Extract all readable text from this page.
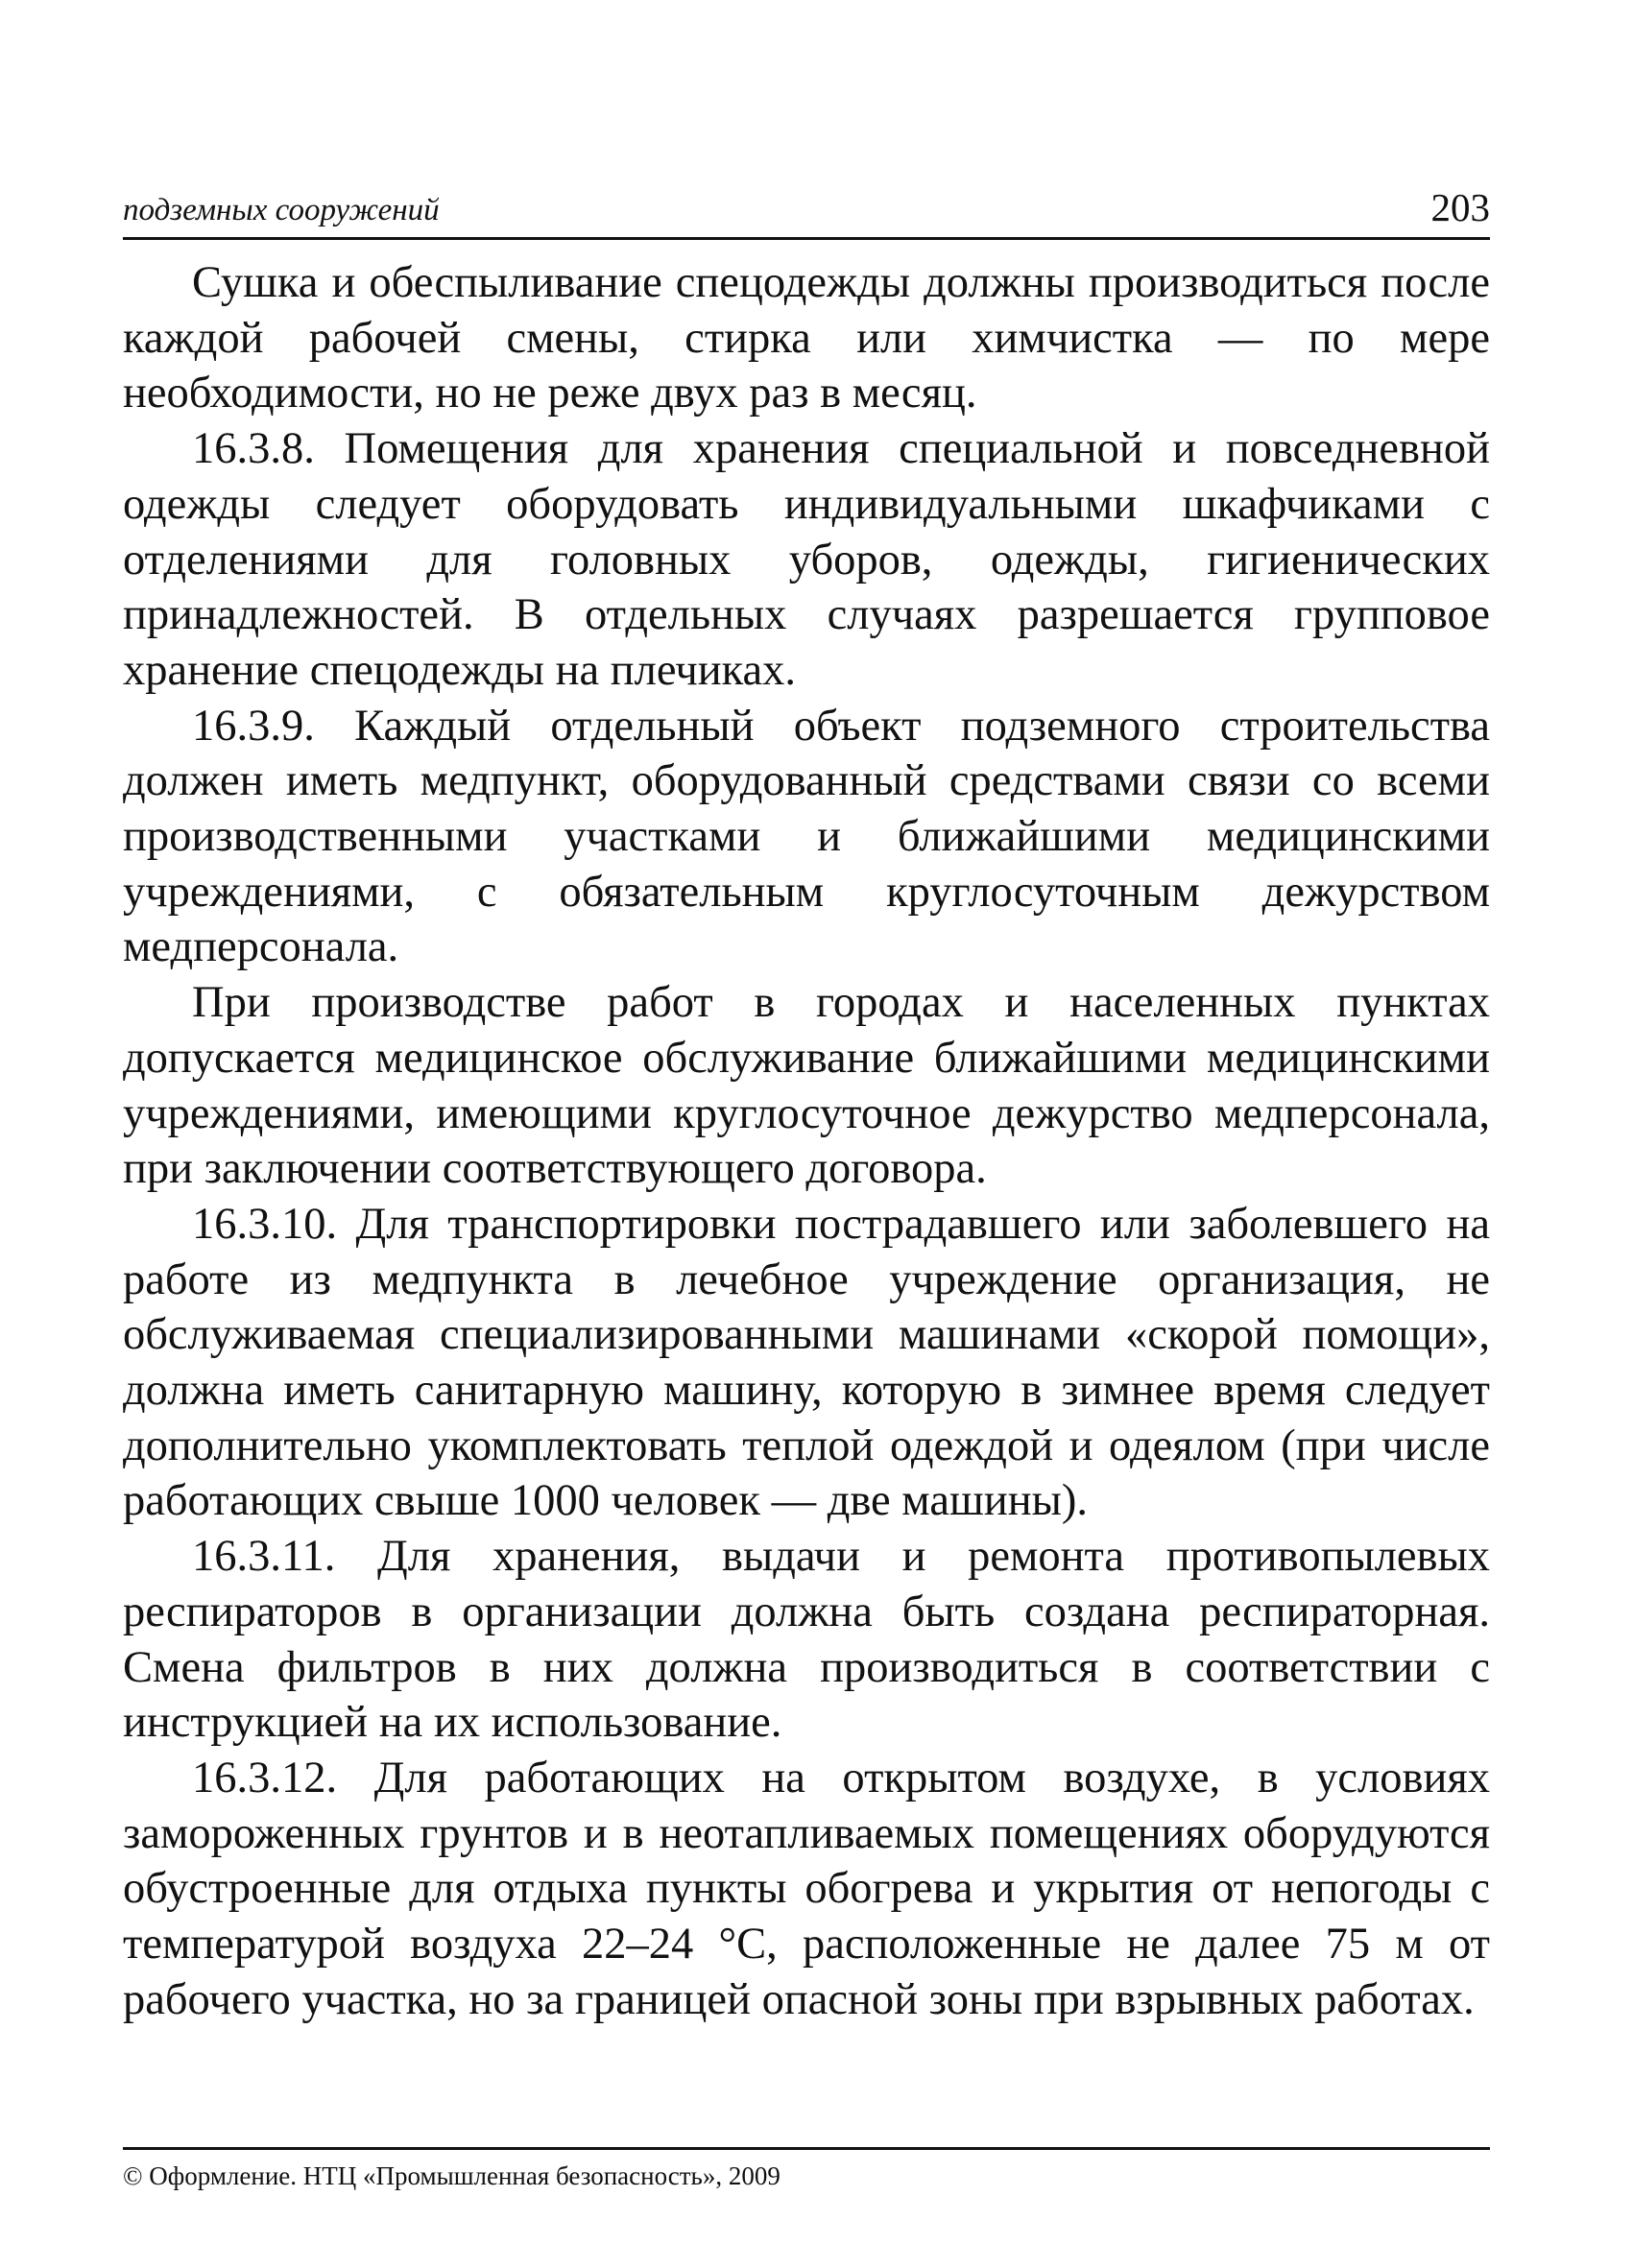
подземных сооружений	203

Сушка и обеспыливание спецодежды должны производиться после каждой рабочей смены, стирка или химчистка — по мере необходимости, но не реже двух раз в месяц.

16.3.8. Помещения для хранения специальной и повседневной одежды следует оборудовать индивидуальными шкафчиками с отделениями для головных уборов, одежды, гигиенических принадлежностей. В отдельных случаях разрешается групповое хранение спецодежды на плечиках.

16.3.9. Каждый отдельный объект подземного строительства должен иметь медпункт, оборудованный средствами связи со всеми производственными участками и ближайшими медицинскими учреждениями, с обязательным круглосуточным дежурством медперсонала.

При производстве работ в городах и населенных пунктах допускается медицинское обслуживание ближайшими медицинскими учреждениями, имеющими круглосуточное дежурство медперсонала, при заключении соответствующего договора.

16.3.10. Для транспортировки пострадавшего или заболевшего на работе из медпункта в лечебное учреждение организация, не обслуживаемая специализированными машинами «скорой помощи», должна иметь санитарную машину, которую в зимнее время следует дополнительно укомплектовать теплой одеждой и одеялом (при числе работающих свыше 1000 человек — две машины).

16.3.11. Для хранения, выдачи и ремонта противопылевых респираторов в организации должна быть создана респираторная. Смена фильтров в них должна производиться в соответствии с инструкцией на их использование.

16.3.12. Для работающих на открытом воздухе, в условиях замороженных грунтов и в неотапливаемых помещениях оборудуются обустроенные для отдыха пункты обогрева и укрытия от непогоды с температурой воздуха 22–24 °С, расположенные не далее 75 м от рабочего участка, но за границей опасной зоны при взрывных работах.

© Оформление. НТЦ «Промышленная безопасность», 2009
